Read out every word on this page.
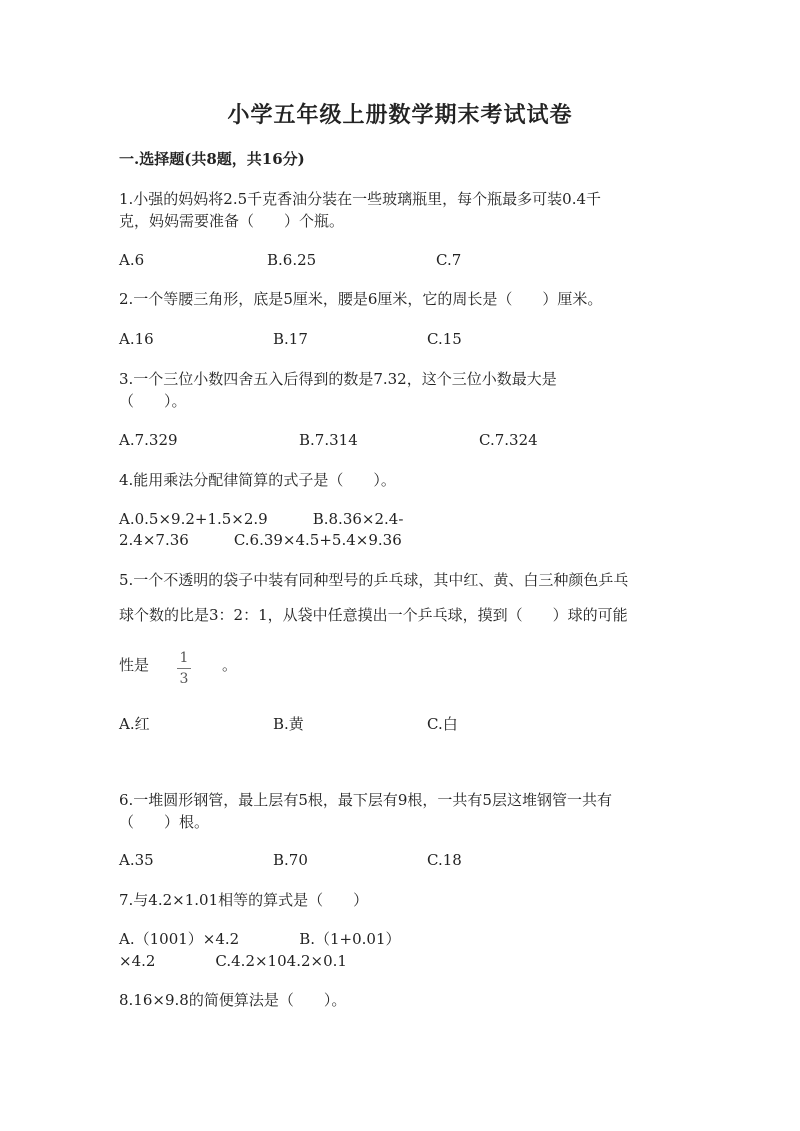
小学五年级上册数学期末考试试卷
一.选择题(共8题，共16分)
1.小强的妈妈将2.5千克香油分装在一些玻璃瓶里，每个瓶最多可装0.4千
克，妈妈需要准备（　　）个瓶。
A.6	B.6.25	C.7
2.一个等腰三角形，底是5厘米，腰是6厘米，它的周长是（　　）厘米。
A.16	B.17	C.15
3.一个三位小数四舍五入后得到的数是7.32，这个三位小数最大是
（　　）。
A.7.329	B.7.314	C.7.324
4.能用乘法分配律简算的式子是（　　）。
A.0.5×9.2+1.5×2.9　　　B.8.36×2.4-
2.4×7.36　　　C.6.39×4.5+5.4×9.36
5.一个不透明的袋子中装有同种型号的乒乓球，其中红、黄、白三种颜色乒乓
球个数的比是3：2：1，从袋中任意摸出一个乒乓球，摸到（　　）球的可能
性是	1
3
。
A.红	B.黄	C.白
6.一堆圆形钢管，最上层有5根，最下层有9根，一共有5层这堆钢管一共有
（　　）根。
A.35	B.70	C.18
7.与4.2×1.01相等的算式是（　　）
A.（1001）×4.2　　　　B.（1+0.01）
×4.2　　　　C.4.2×104.2×0.1
8.16×9.8的简便算法是（　　）。
